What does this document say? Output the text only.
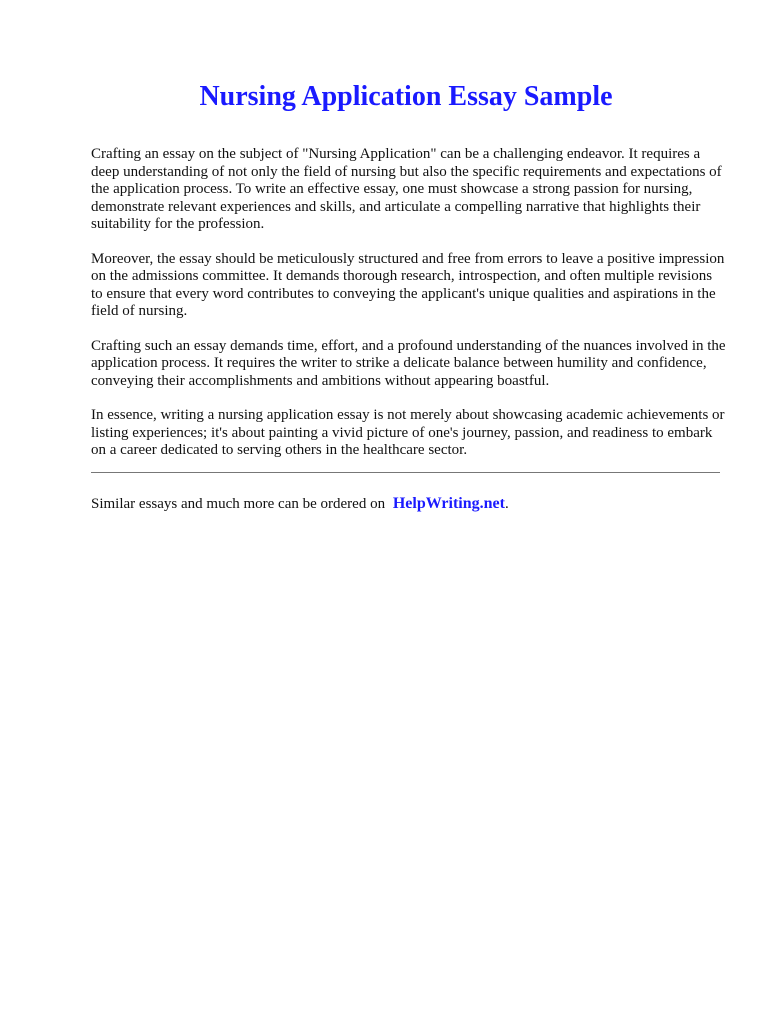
Nursing Application Essay Sample

Crafting an essay on the subject of "Nursing Application" can be a challenging endeavor. It requires a deep understanding of not only the field of nursing but also the specific requirements and expectations of the application process. To write an effective essay, one must showcase a strong passion for nursing, demonstrate relevant experiences and skills, and articulate a compelling narrative that highlights their suitability for the profession.

Moreover, the essay should be meticulously structured and free from errors to leave a positive impression on the admissions committee. It demands thorough research, introspection, and often multiple revisions to ensure that every word contributes to conveying the applicant's unique qualities and aspirations in the field of nursing.

Crafting such an essay demands time, effort, and a profound understanding of the nuances involved in the application process. It requires the writer to strike a delicate balance between humility and confidence, conveying their accomplishments and ambitions without appearing boastful.

In essence, writing a nursing application essay is not merely about showcasing academic achievements or listing experiences; it's about painting a vivid picture of one's journey, passion, and readiness to embark on a career dedicated to serving others in the healthcare sector.

Similar essays and much more can be ordered on HelpWriting.net.
